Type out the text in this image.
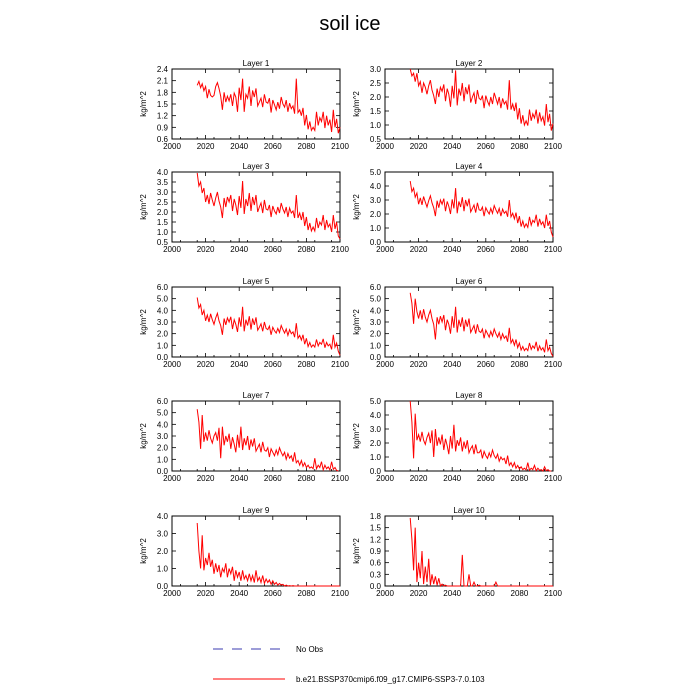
soil ice
Layer 1
kg/m^2
2000 2020 2040 2060 2080 2100
0.6
0.9
1.2
1.5
1.8
2.1
2.4
Layer 2
kg/m^2
2000 2020 2040 2060 2080 2100
0.5
1.0
1.5
2.0
2.5
3.0
Layer 3
kg/m^2
2000 2020 2040 2060 2080 2100
0.5
1.0
1.5
2.0
2.5
3.0
3.5
4.0
Layer 4
kg/m^2
2000 2020 2040 2060 2080 2100
0.0
1.0
2.0
3.0
4.0
5.0
Layer 5
kg/m^2
2000 2020 2040 2060 2080 2100
0.0
1.0
2.0
3.0
4.0
5.0
6.0
Layer 6
kg/m^2
2000 2020 2040 2060 2080 2100
0.0
1.0
2.0
3.0
4.0
5.0
6.0
Layer 7
kg/m^2
2000 2020 2040 2060 2080 2100
0.0
1.0
2.0
3.0
4.0
5.0
6.0
Layer 8
kg/m^2
2000 2020 2040 2060 2080 2100
0.0
1.0
2.0
3.0
4.0
5.0
Layer 9
kg/m^2
2000 2020 2040 2060 2080 2100
0.0
1.0
2.0
3.0
4.0
Layer 10
kg/m^2
2000 2020 2040 2060 2080 2100
0.0
0.3
0.6
0.9
1.2
1.5
1.8
No Obs
b.e21.BSSP370cmip6.f09_g17.CMIP6-SSP3-7.0.103
